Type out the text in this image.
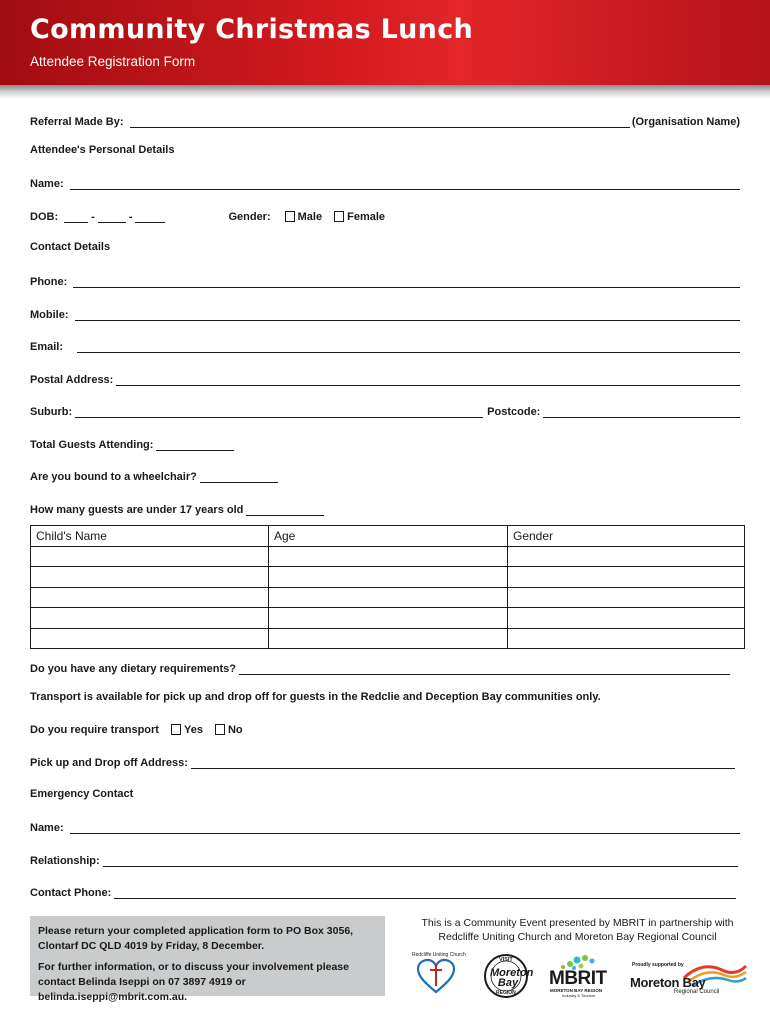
Community Christmas Lunch
Attendee Registration Form
Referral Made By:	(Organisation Name)
Attendee's Personal Details
Name:
DOB:	-	-	Gender: Male Female
Contact Details
Phone:
Mobile:
Email:
Postal Address:
Suburb:	Postcode:
Total Guests Attending:
Are you bound to a wheelchair?
How many guests are under 17 years old
Child's Name	Age	Gender

Do you have any dietary requirements?
Transport is available for pick up and drop off for guests in the Redclie and Deception Bay communities only.
Do you require transport Yes No
Pick up and Drop off Address:
Emergency Contact
Name:
Relationship:
Contact Phone:

Please return your completed application form to PO Box 3056, Clontarf DC QLD 4019 by Friday, 8 December.

For further information, or to discuss your involvement please contact Belinda Iseppi on 07 3897 4919 or belinda.iseppi@mbrit.com.au.

This is a Community Event presented by MBRIT in partnership with Redcliffe Uniting Church and Moreton Bay Regional Council
Redcliffe Uniting Church
VISIT
Moreton Bay
REGION
MBRIT
MORETON BAY REGION
Industry & Tourism
Proudly supported by
Moreton Bay
Regional Council
